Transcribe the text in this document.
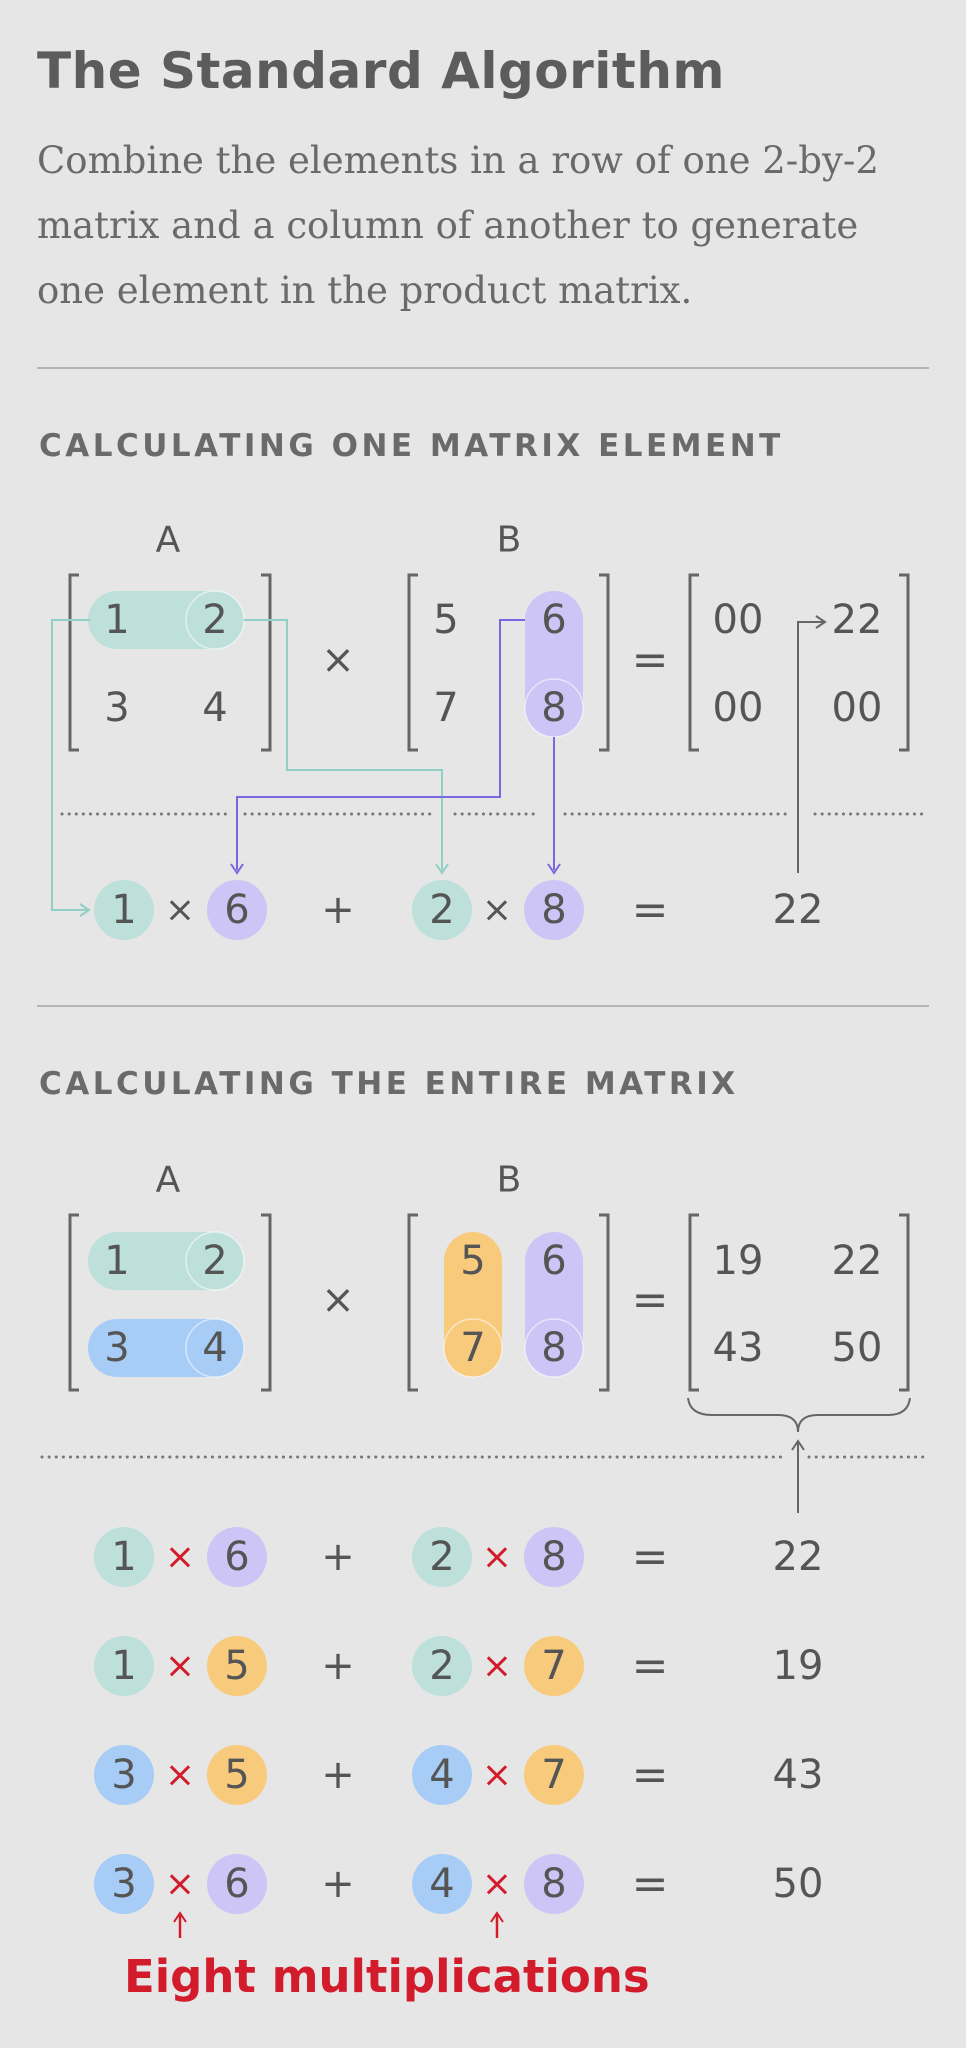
The Standard Algorithm
Combine the elements in a row of one 2-by-2
matrix and a column of another to generate
one element in the product matrix.
CALCULATING ONE MATRIX ELEMENT
CALCULATING THE ENTIRE MATRIX
A	B
1 2
3 4
×
5 6
7 8
=
00 22
00 00
1 × 6 + 2 × 8 =	22
A	B
1 2
3 4
×
5 6
7 8
=
19 22
43 50
1 × 6 + 2 × 8 =	22
1 × 5 + 2 × 7 =	19
3 × 5 + 4 × 7 =	43
3 × 6 + 4 × 8 =	50
Eight multiplications
